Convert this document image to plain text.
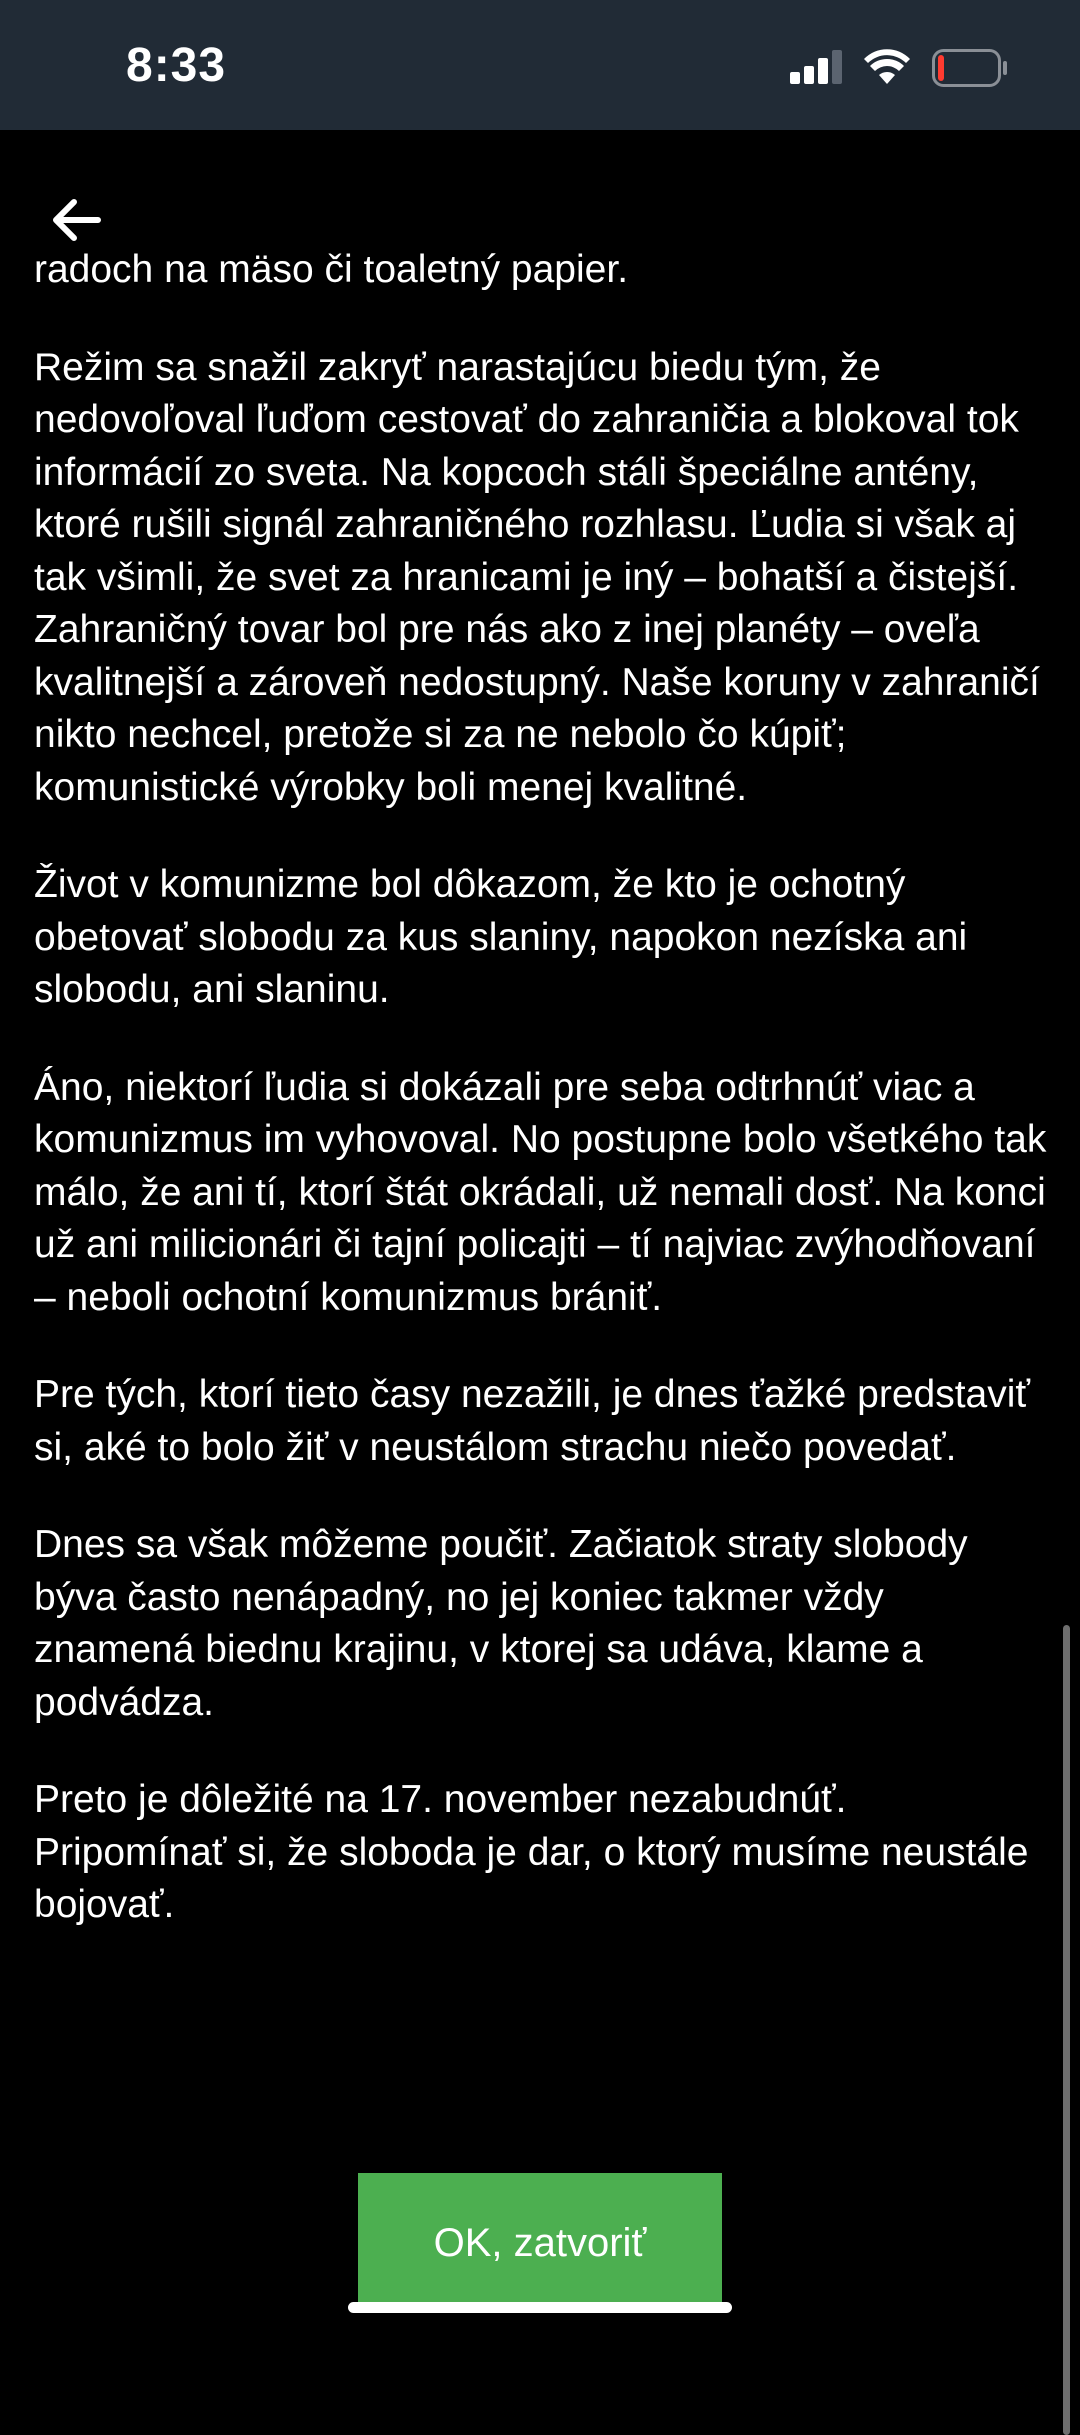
8:33

radoch na mäso či toaletný papier.

Režim sa snažil zakryť narastajúcu biedu tým, že nedovoľoval ľuďom cestovať do zahraničia a blokoval tok informácií zo sveta. Na kopcoch stáli špeciálne antény, ktoré rušili signál zahraničného rozhlasu. Ľudia si však aj tak všimli, že svet za hranicami je iný – bohatší a čistejší. Zahraničný tovar bol pre nás ako z inej planéty – oveľa kvalitnejší a zároveň nedostupný. Naše koruny v zahraničí nikto nechcel, pretože si za ne nebolo čo kúpiť; komunistické výrobky boli menej kvalitné.

Život v komunizme bol dôkazom, že kto je ochotný obetovať slobodu za kus slaniny, napokon nezíska ani slobodu, ani slaninu.

Áno, niektorí ľudia si dokázali pre seba odtrhnúť viac a komunizmus im vyhovoval. No postupne bolo všetkého tak málo, že ani tí, ktorí štát okrádali, už nemali dosť. Na konci už ani milicionári či tajní policajti – tí najviac zvýhodňovaní – neboli ochotní komunizmus brániť.

Pre tých, ktorí tieto časy nezažili, je dnes ťažké predstaviť si, aké to bolo žiť v neustálom strachu niečo povedať.

Dnes sa však môžeme poučiť. Začiatok straty slobody býva často nenápadný, no jej koniec takmer vždy znamená biednu krajinu, v ktorej sa udáva, klame a podvádza.

Preto je dôležité na 17. november nezabudnúť. Pripomínať si, že sloboda je dar, o ktorý musíme neustále bojovať.

OK, zatvoriť
